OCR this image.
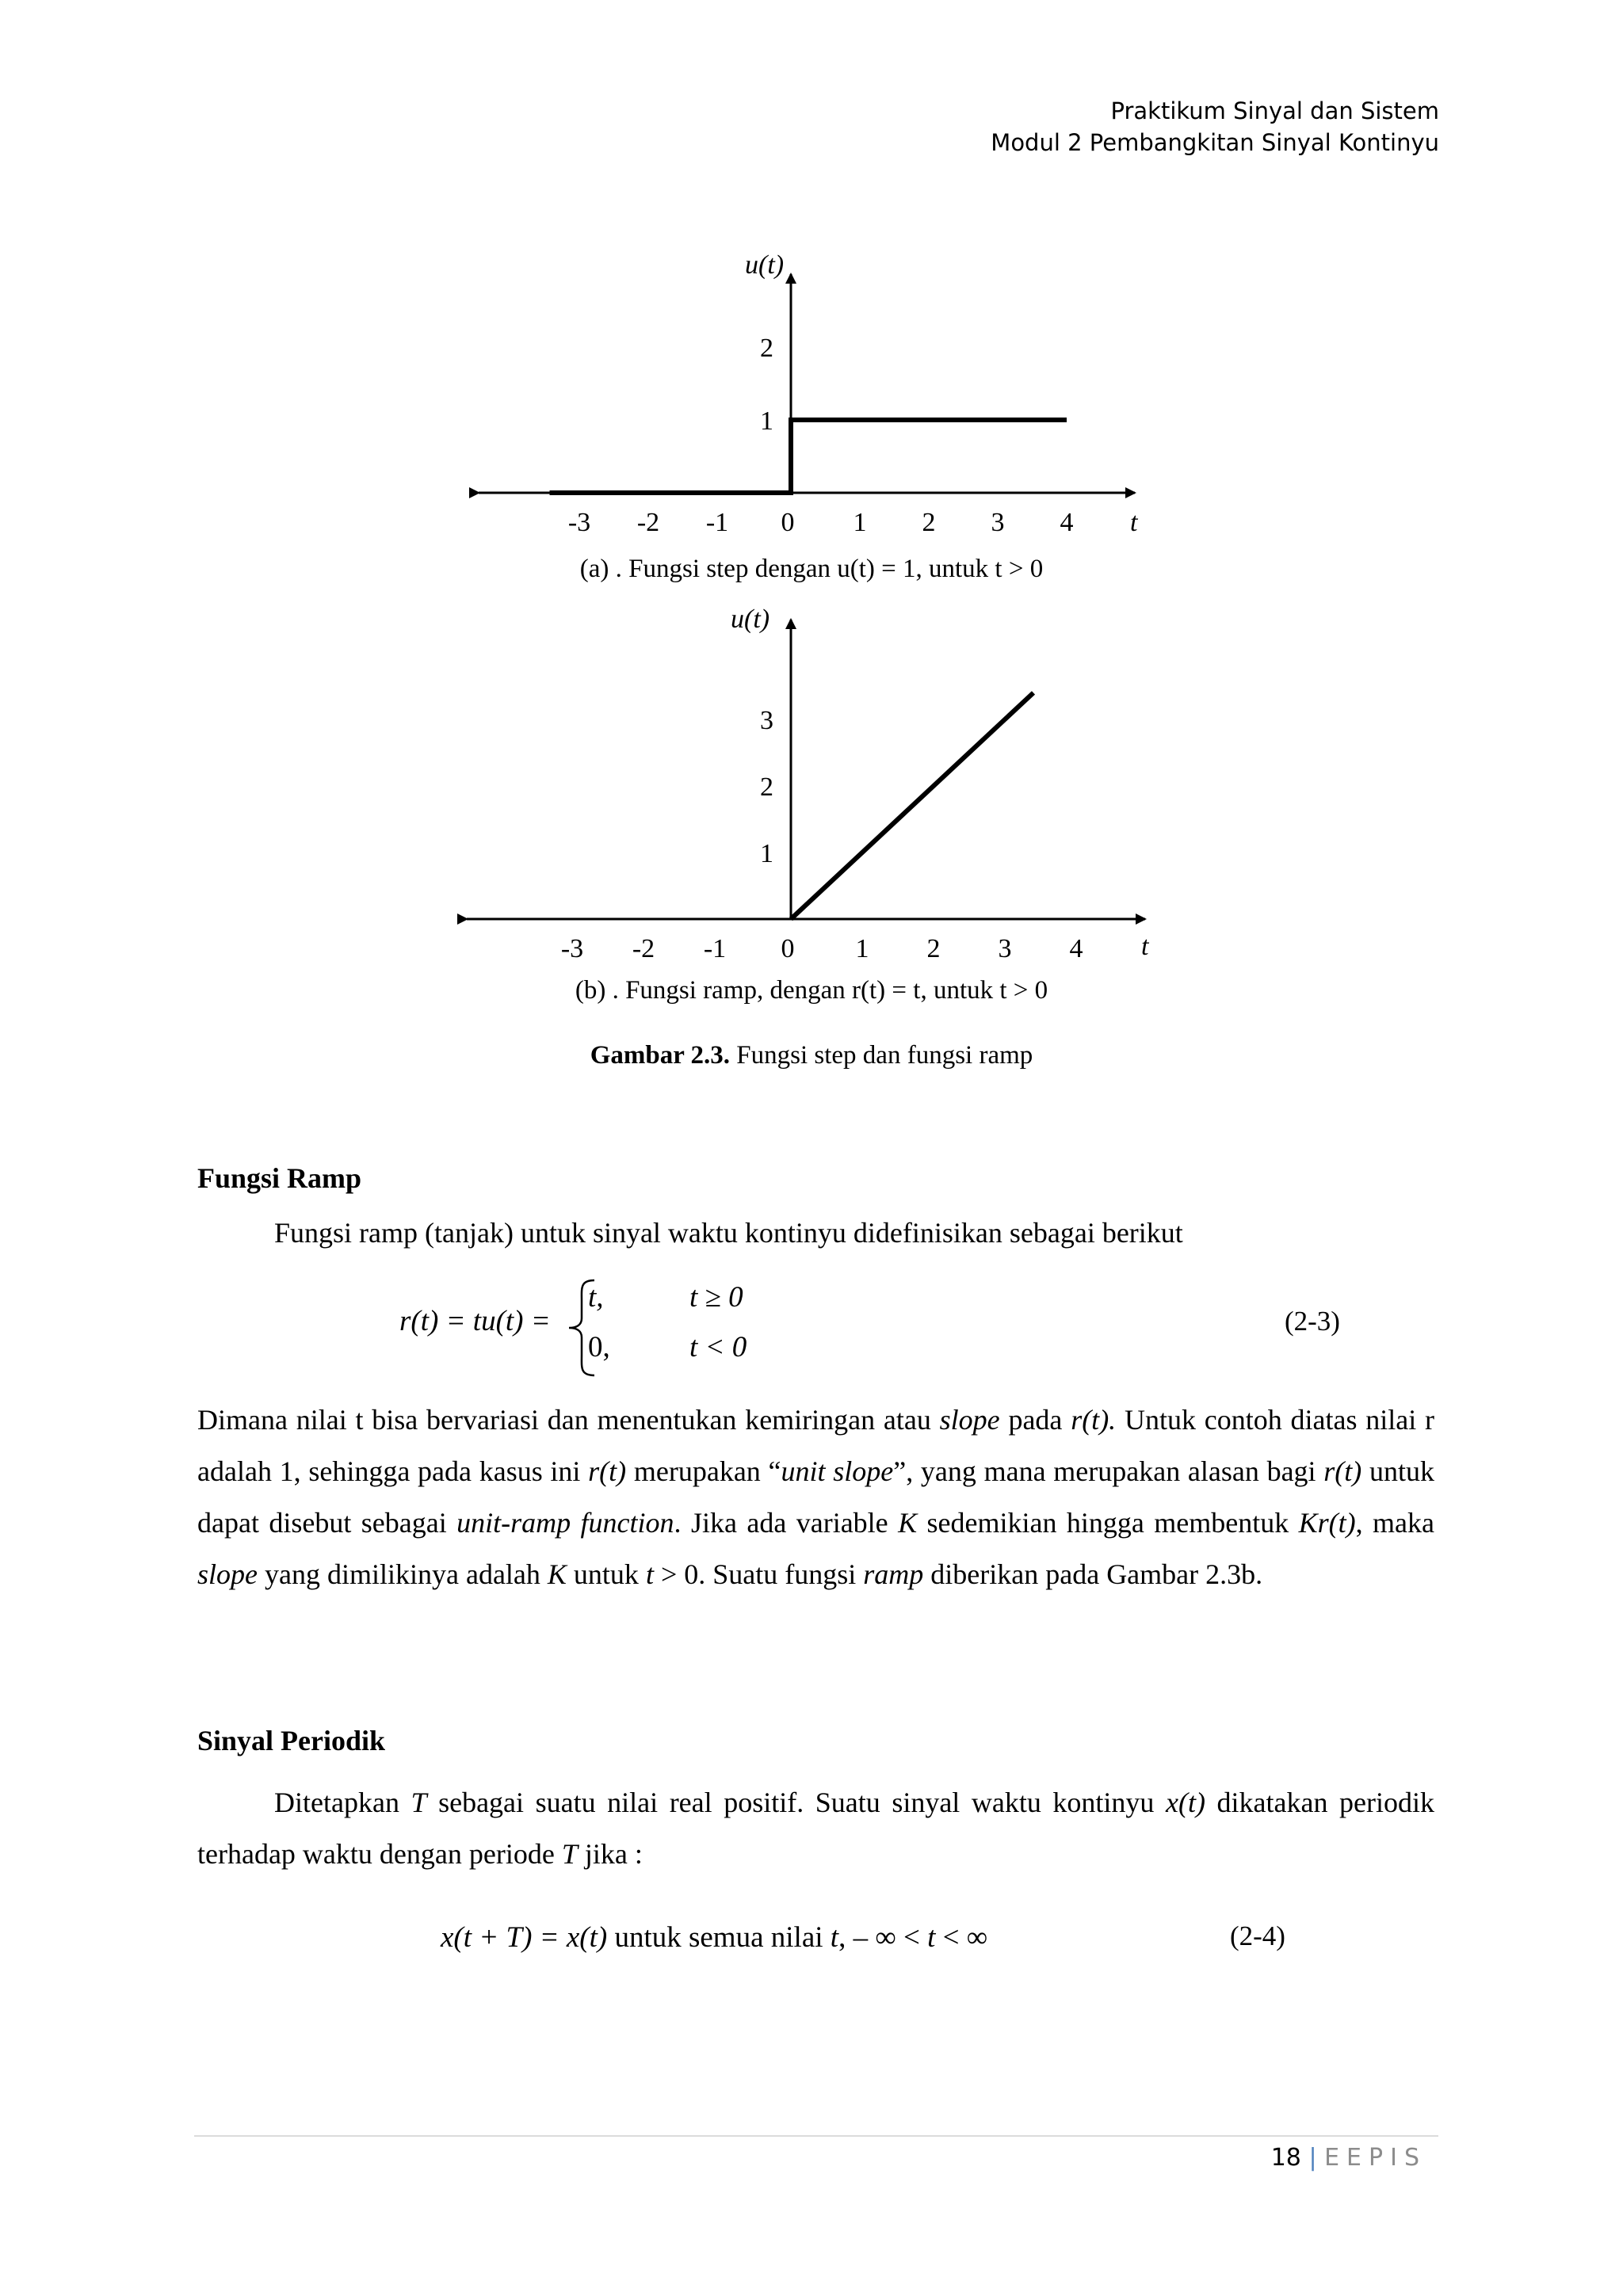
Praktikum Sinyal dan Sistem
Modul 2 Pembangkitan Sinyal Kontinyu
u(t)
t
-3 -2 -1 0 1 2 3 4
1
2
(a) . Fungsi step dengan u(t) = 1, untuk t > 0
u(t)
t
-3 -2 -1 0 1 2 3 4
1
2
3
(b) . Fungsi ramp, dengan r(t) = t, untuk t > 0
Gambar 2.3. Fungsi step dan fungsi ramp
Fungsi Ramp
Fungsi ramp (tanjak) untuk sinyal waktu kontinyu didefinisikan sebagai berikut
r(t) = tu(t) =
t,	t ≥ 0
0,	t < 0
(2-3)
Dimana nilai t bisa bervariasi dan menentukan kemiringan atau slope pada r(t). Untuk contoh diatas nilai r adalah 1, sehingga pada kasus ini r(t) merupakan “unit slope”, yang mana merupakan alasan bagi r(t) untuk dapat disebut sebagai unit-ramp function. Jika ada variable K sedemikian hingga membentuk Kr(t), maka slope yang dimilikinya adalah K untuk t > 0. Suatu fungsi ramp diberikan pada Gambar 2.3b.
Sinyal Periodik
Ditetapkan T sebagai suatu nilai real positif. Suatu sinyal waktu kontinyu x(t) dikatakan periodik terhadap waktu dengan periode T jika :
x(t + T) = x(t) untuk semua nilai t, – ∞ < t < ∞	(2-4)
18 | EEPIS
